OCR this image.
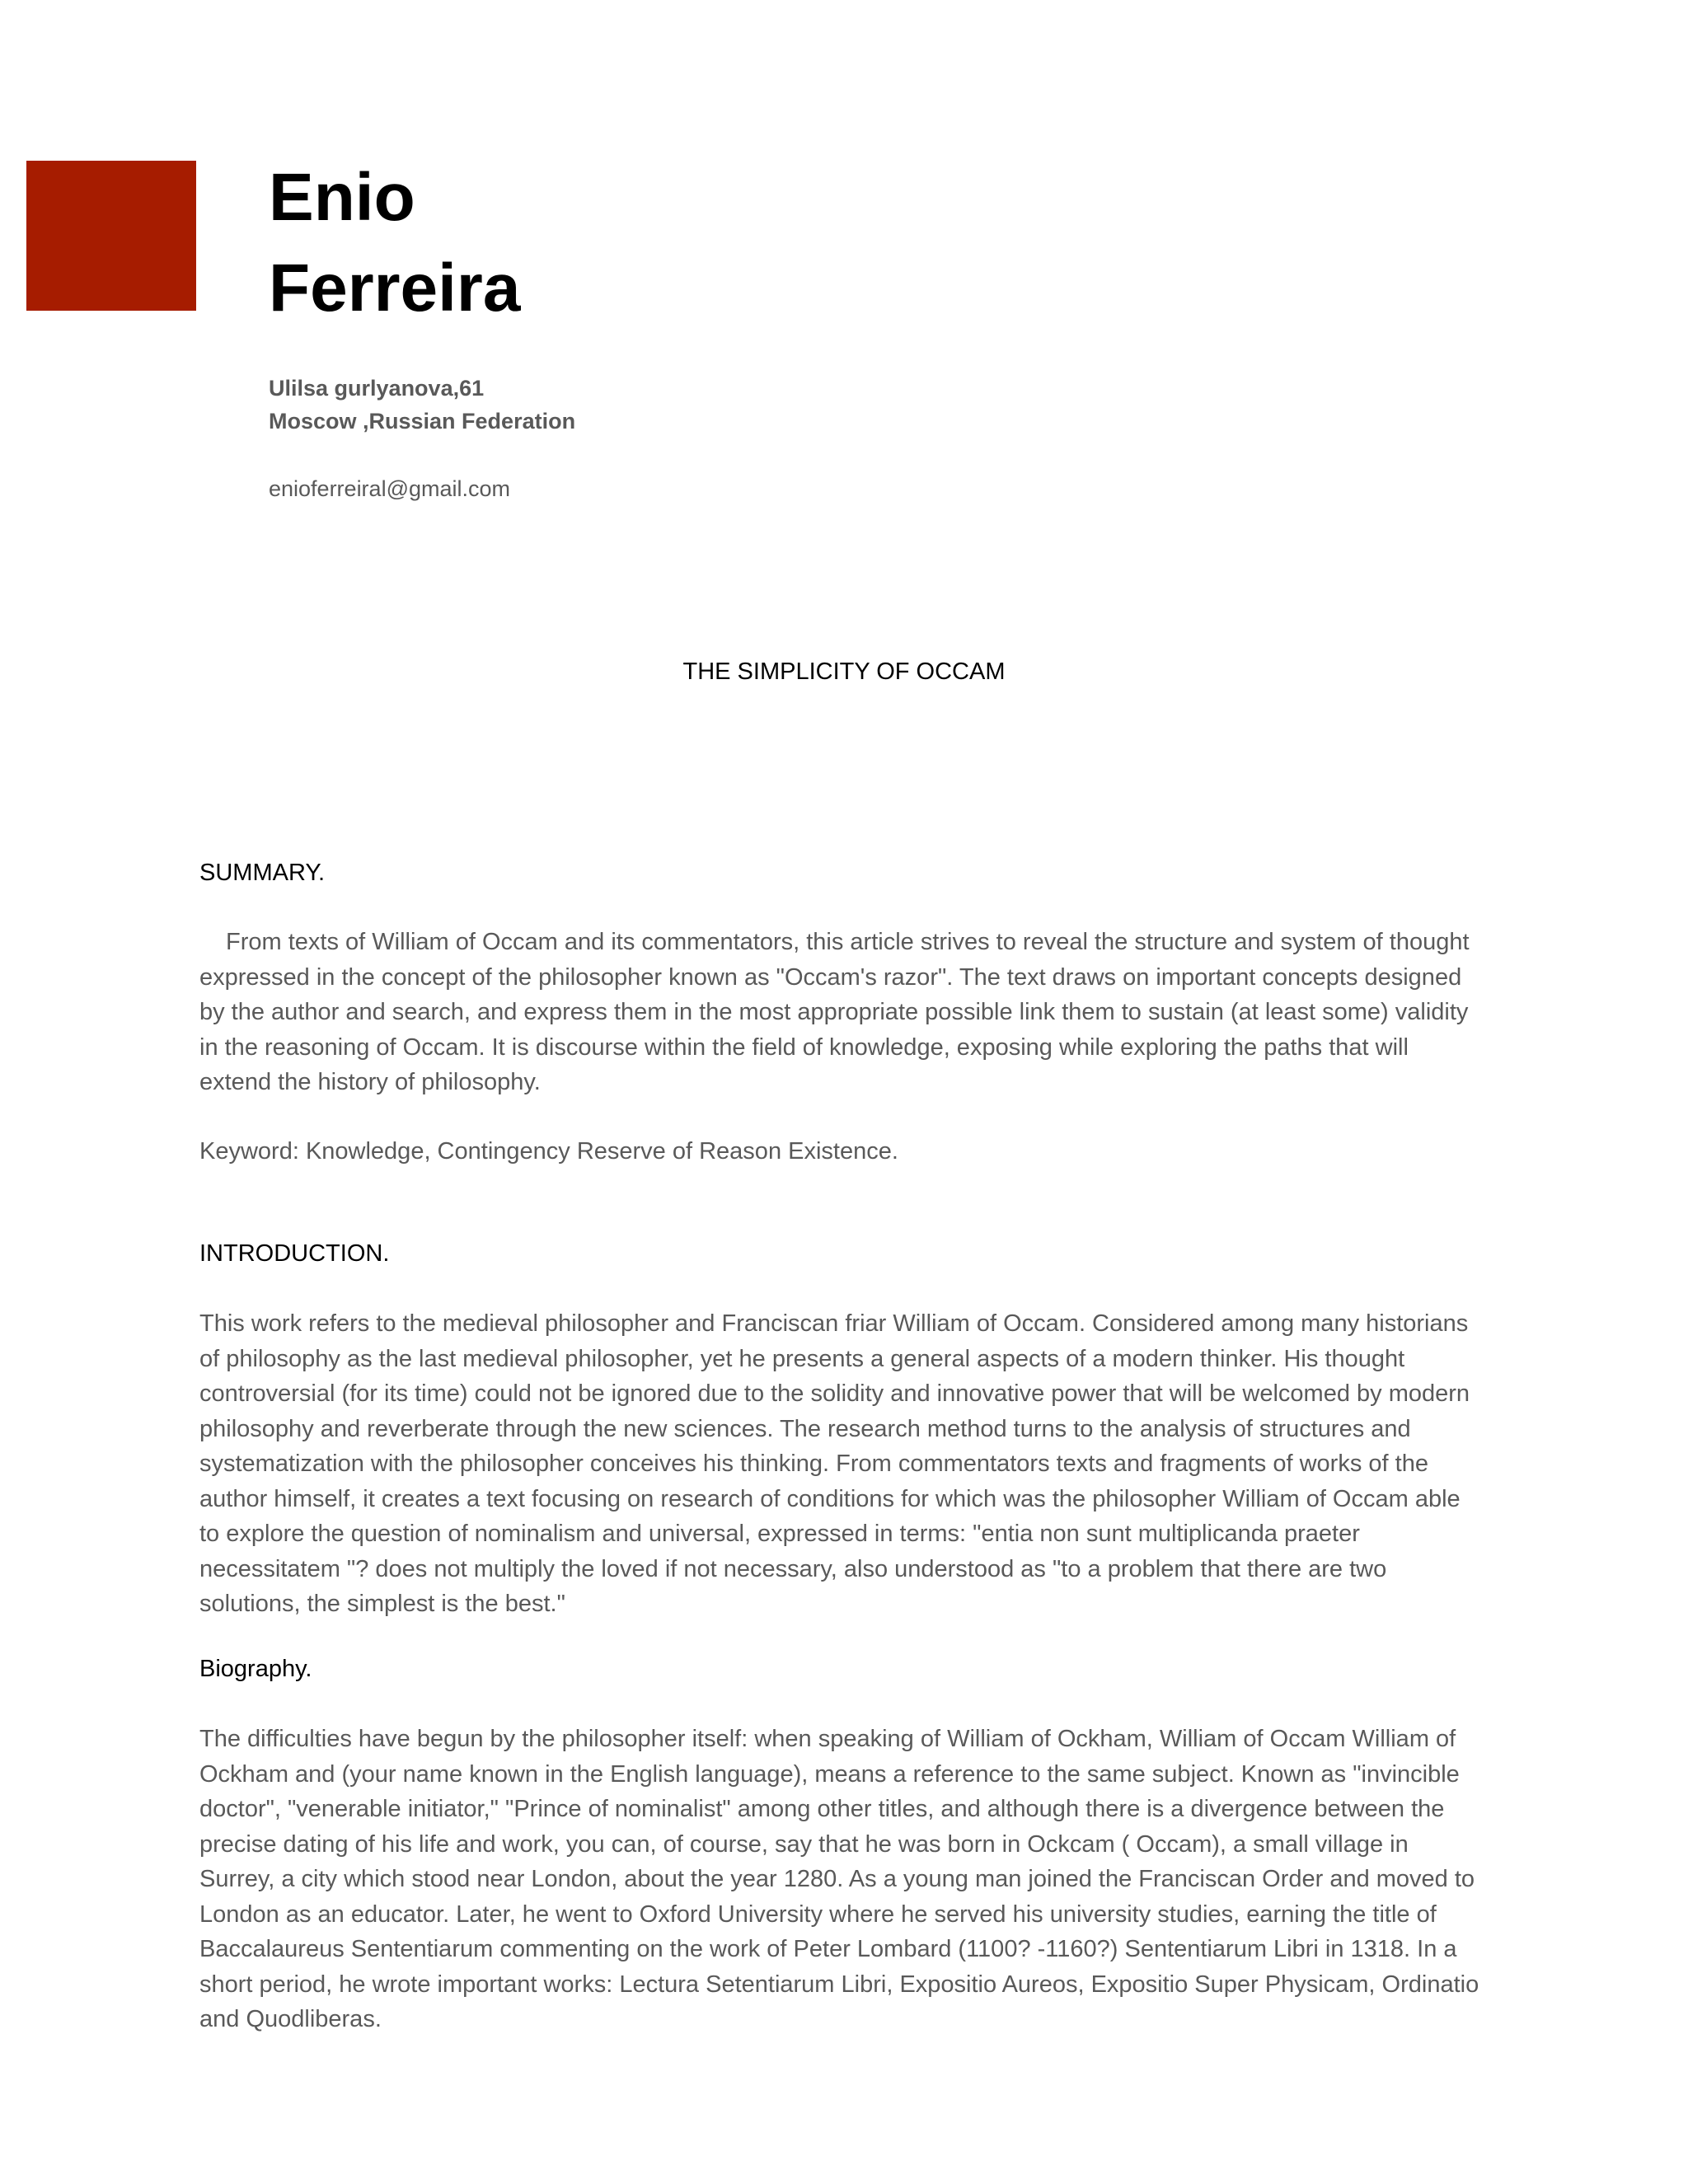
Enio
Ferreira
Ulilsa gurlyanova,61
Moscow ,Russian Federation
enioferreiral@gmail.com
THE SIMPLICITY OF OCCAM
SUMMARY.

From texts of William of Occam and its commentators, this article strives to reveal the structure and system of thought expressed in the concept of the philosopher known as "Occam's razor". The text draws on important concepts designed by the author and search, and express them in the most appropriate possible link them to sustain (at least some) validity in the reasoning of Occam. It is discourse within the field of knowledge, exposing while exploring the paths that will extend the history of philosophy.

Keyword: Knowledge, Contingency Reserve of Reason Existence.

INTRODUCTION.

This work refers to the medieval philosopher and Franciscan friar William of Occam. Considered among many historians of philosophy as the last medieval philosopher, yet he presents a general aspects of a modern thinker. His thought controversial (for its time) could not be ignored due to the solidity and innovative power that will be welcomed by modern philosophy and reverberate through the new sciences. The research method turns to the analysis of structures and systematization with the philosopher conceives his thinking. From commentators texts and fragments of works of the author himself, it creates a text focusing on research of conditions for which was the philosopher William of Occam able to explore the question of nominalism and universal, expressed in terms: "entia non sunt multiplicanda praeter necessitatem "? does not multiply the loved if not necessary, also understood as "to a problem that there are two solutions, the simplest is the best."

Biography.

The difficulties have begun by the philosopher itself: when speaking of William of Ockham, William of Occam William of Ockham and (your name known in the English language), means a reference to the same subject. Known as "invincible doctor", "venerable initiator," "Prince of nominalist" among other titles, and although there is a divergence between the precise dating of his life and work, you can, of course, say that he was born in Ockcam ( Occam), a small village in Surrey, a city which stood near London, about the year 1280. As a young man joined the Franciscan Order and moved to London as an educator. Later, he went to Oxford University where he served his university studies, earning the title of Baccalaureus Sententiarum commenting on the work of Peter Lombard (1100? -1160?) Sententiarum Libri in 1318. In a short period, he wrote important works: Lectura Setentiarum Libri, Expositio Aureos, Expositio Super Physicam, Ordinatio and Quodliberas.
